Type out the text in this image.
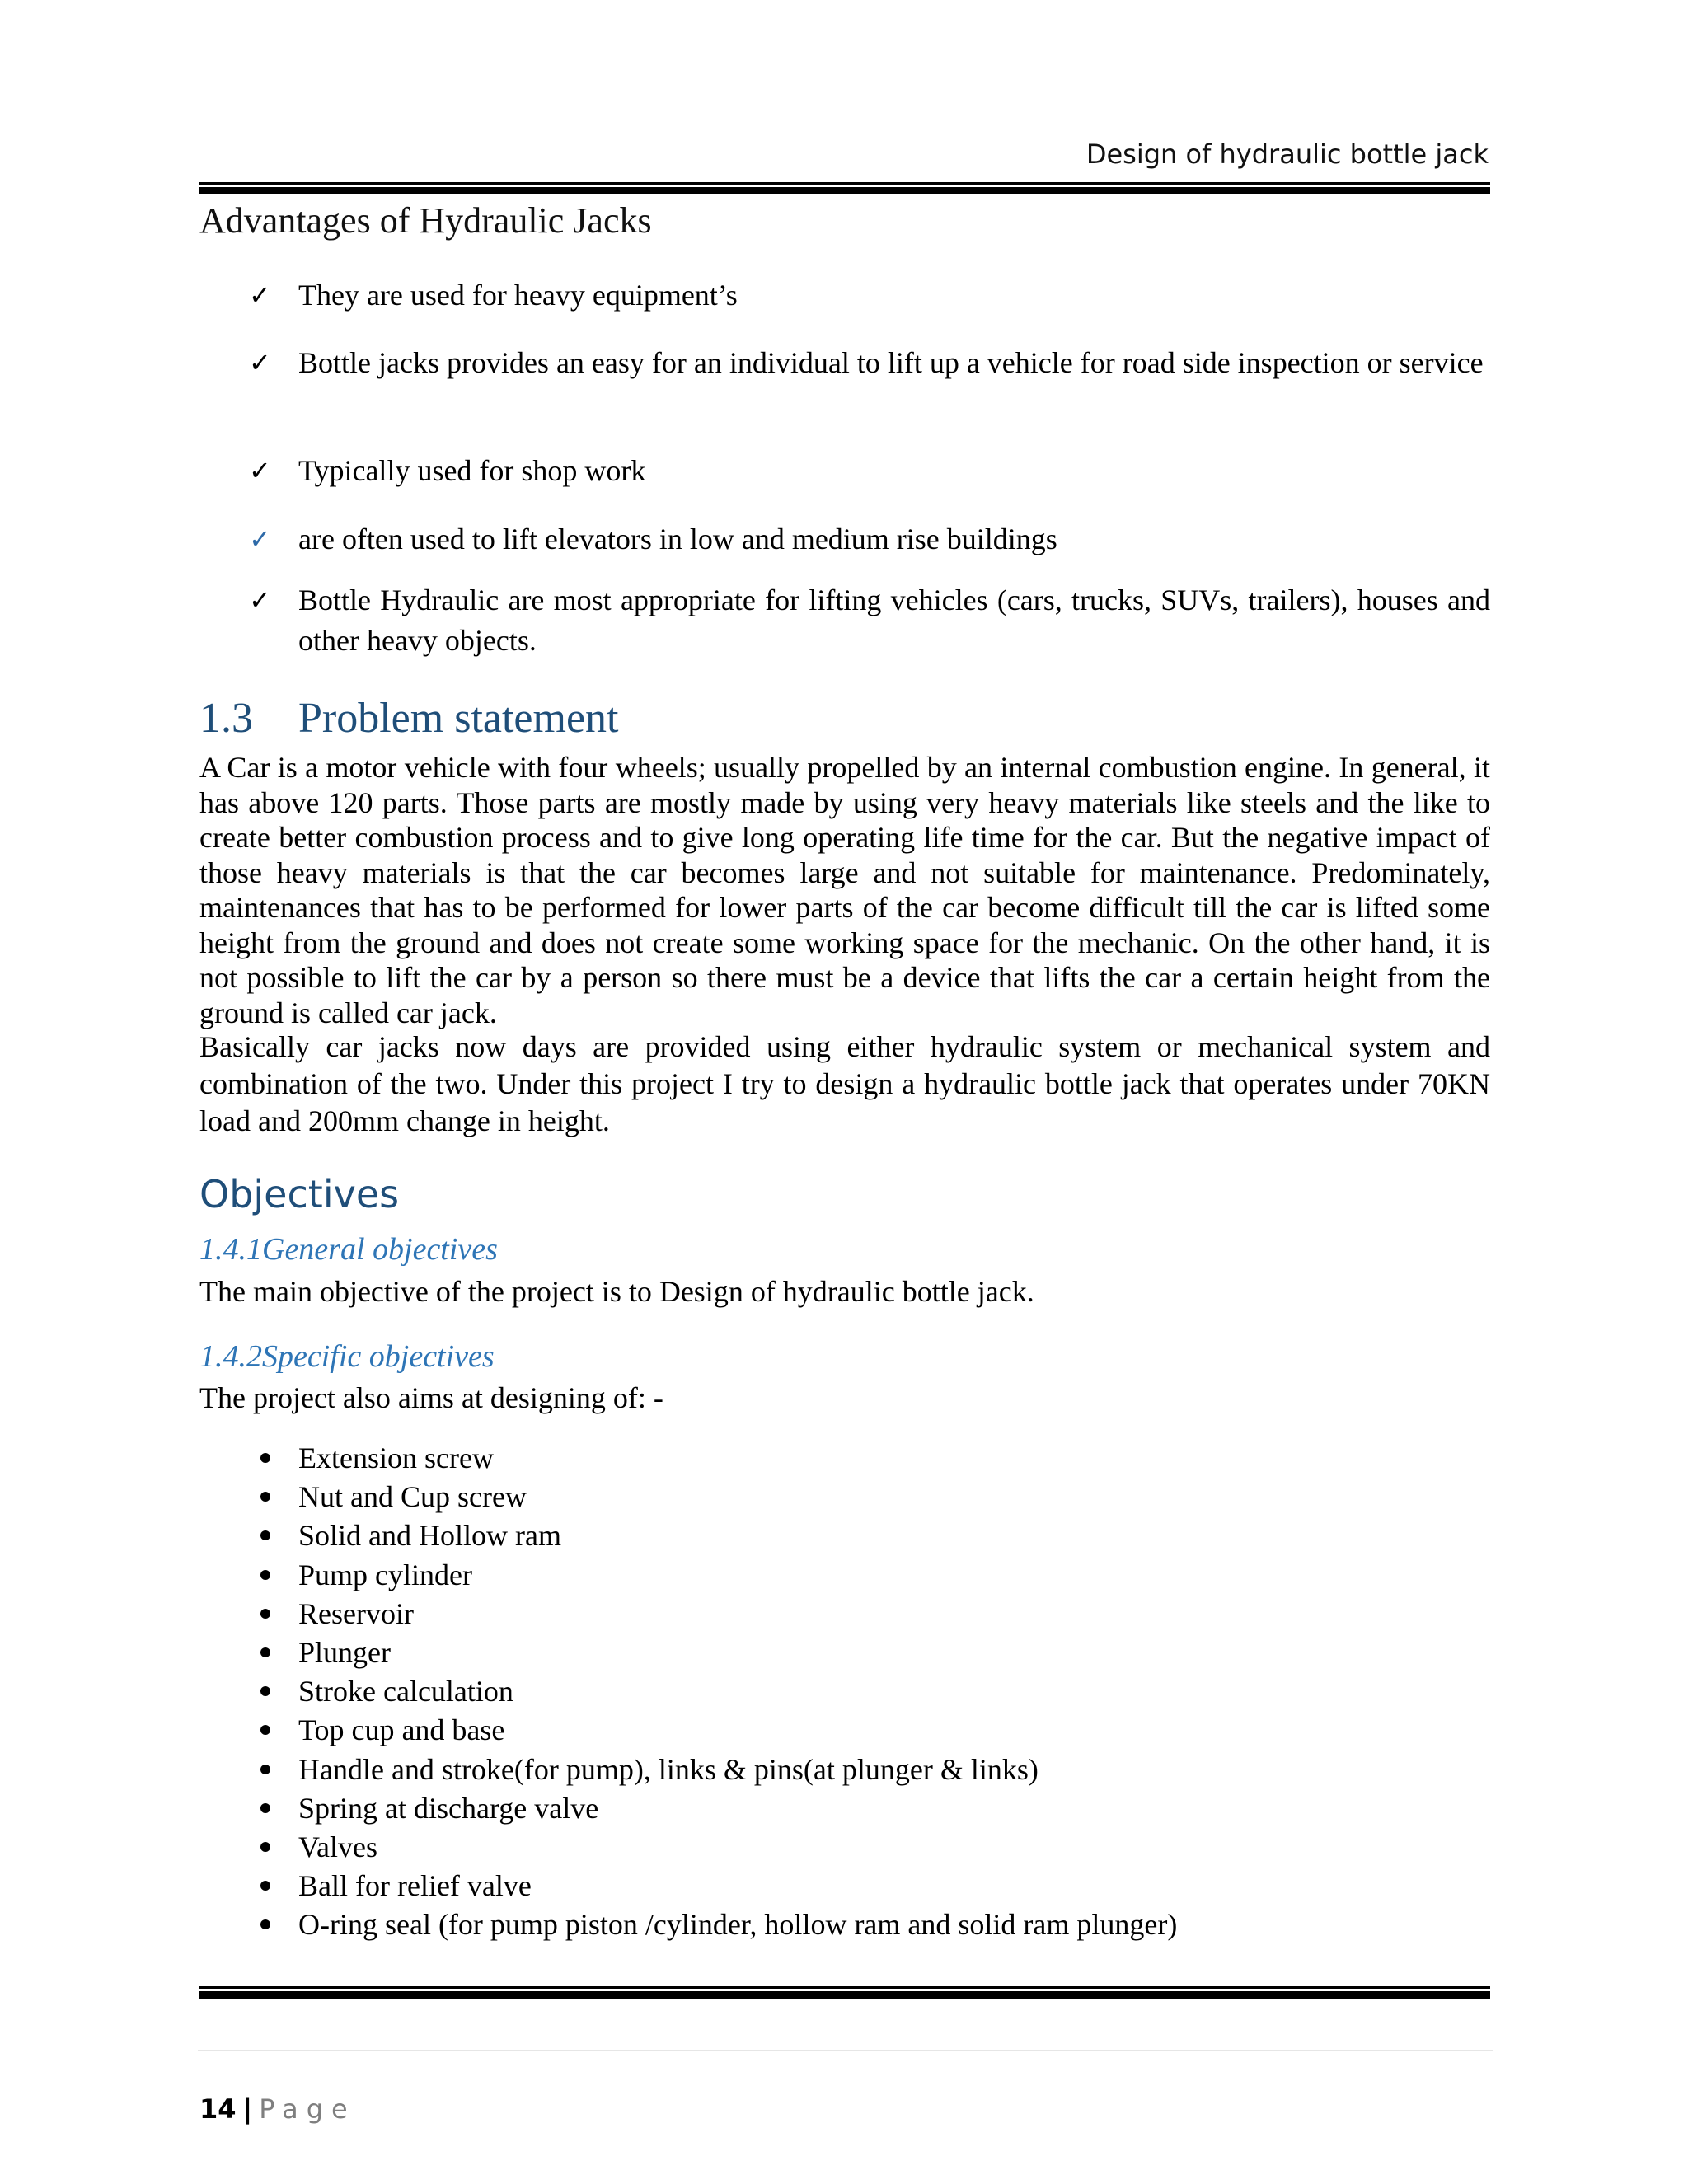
Design of hydraulic bottle jack
Advantages of Hydraulic Jacks
✓ They are used for heavy equipment’s
✓ Bottle jacks provides an easy for an individual to lift up a vehicle for road side inspection or service
✓ Typically used for shop work
✓ are often used to lift elevators in low and medium rise buildings
✓ Bottle Hydraulic are most appropriate for lifting vehicles (cars, trucks, SUVs, trailers), houses and other heavy objects.
1.3 Problem statement
A Car is a motor vehicle with four wheels; usually propelled by an internal combustion engine. In general, it has above 120 parts. Those parts are mostly made by using very heavy materials like steels and the like to create better combustion process and to give long operating life time for the car. But the negative impact of those heavy materials is that the car becomes large and not suitable for maintenance. Predominately, maintenances that has to be performed for lower parts of the car become difficult till the car is lifted some height from the ground and does not create some working space for the mechanic. On the other hand, it is not possible to lift the car by a person so there must be a device that lifts the car a certain height from the ground is called car jack.
Basically car jacks now days are provided using either hydraulic system or mechanical system and combination of the two. Under this project I try to design a hydraulic bottle jack that operates under 70KN load and 200mm change in height.
Objectives
1.4.1General objectives
The main objective of the project is to Design of hydraulic bottle jack.
1.4.2Specific objectives
The project also aims at designing of: -
Extension screw
Nut and Cup screw
Solid and Hollow ram
Pump cylinder
Reservoir
Plunger
Stroke calculation
Top cup and base
Handle and stroke(for pump), links & pins(at plunger & links)
Spring at discharge valve
Valves
Ball for relief valve
O-ring seal (for pump piston /cylinder, hollow ram and solid ram plunger)
14 | Page
